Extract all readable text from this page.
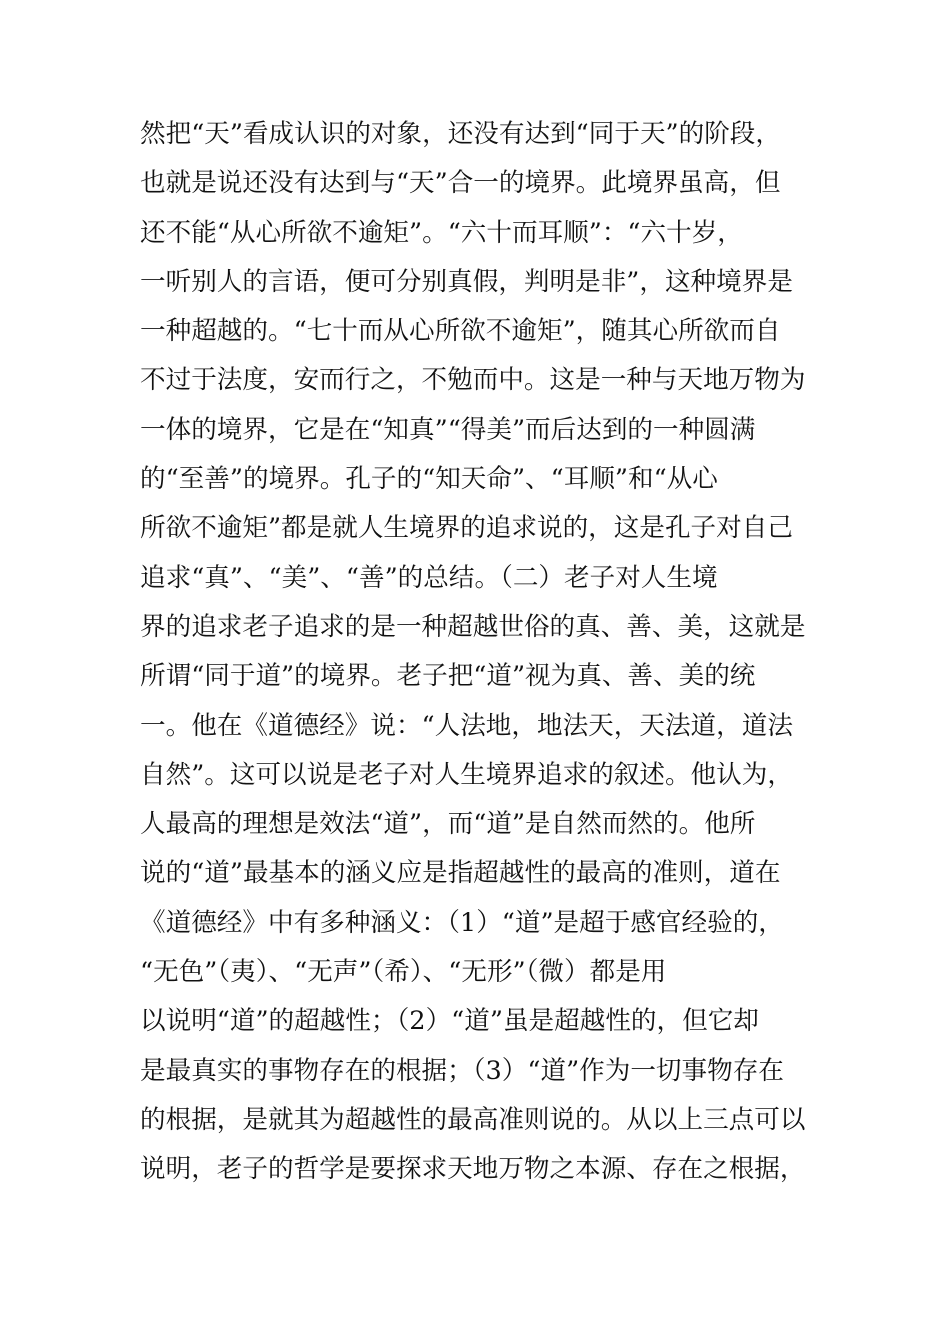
然把“天”看成认识的对象，还没有达到“同于天”的阶段，
也就是说还没有达到与“天”合一的境界。此境界虽高，但
还不能“从心所欲不逾矩”。“六十而耳顺”：“六十岁，
一听别人的言语，便可分别真假，判明是非”，这种境界是
一种超越的。“七十而从心所欲不逾矩”，随其心所欲而自
不过于法度，安而行之，不勉而中。这是一种与天地万物为
一体的境界，它是在“知真”“得美”而后达到的一种圆满
的“至善”的境界。孔子的“知天命”、“耳顺”和“从心
所欲不逾矩”都是就人生境界的追求说的，这是孔子对自己
追求“真”、“美”、“善”的总结。（二）老子对人生境
界的追求老子追求的是一种超越世俗的真、善、美，这就是
所谓“同于道”的境界。老子把“道”视为真、善、美的统
一。他在《道德经》说：“人法地，地法天，天法道，道法
自然”。这可以说是老子对人生境界追求的叙述。他认为，
人最高的理想是效法“道”，而“道”是自然而然的。他所
说的“道”最基本的涵义应是指超越性的最高的准则，道在
《道德经》中有多种涵义：（1）“道”是超于感官经验的，
“无色”（夷）、“无声”（希）、“无形”（微）都是用
以说明“道”的超越性；（2）“道”虽是超越性的，但它却
是最真实的事物存在的根据；（3）“道”作为一切事物存在
的根据，是就其为超越性的最高准则说的。从以上三点可以
说明，老子的哲学是要探求天地万物之本源、存在之根据，
